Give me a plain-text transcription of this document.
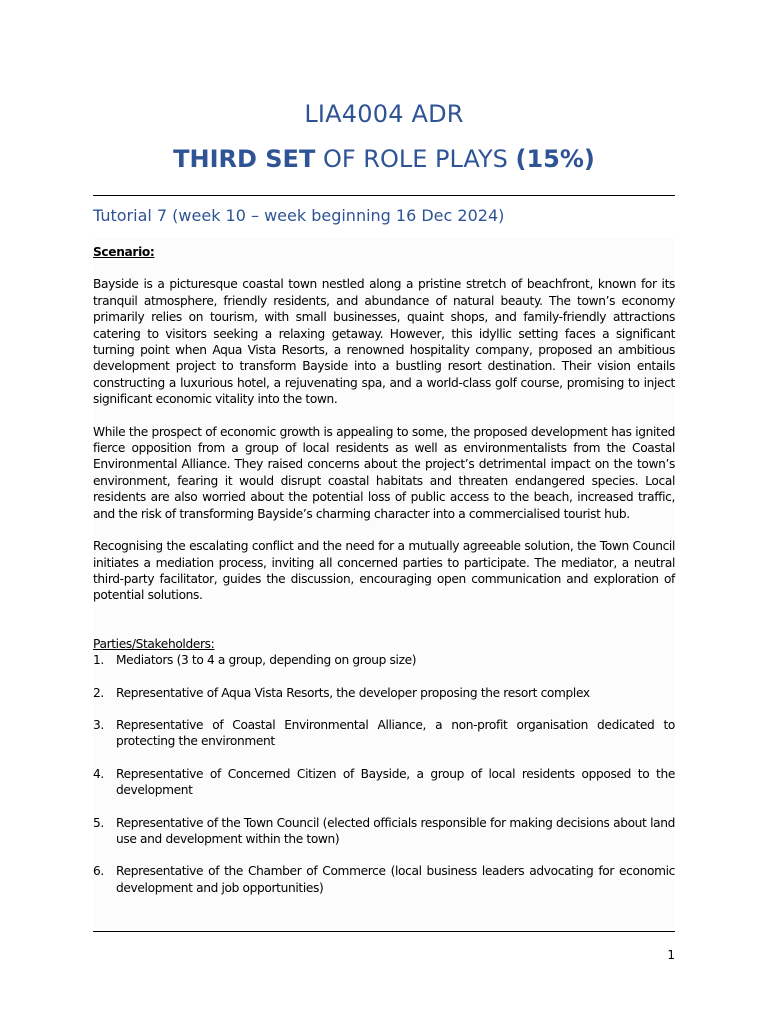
LIA4004 ADR
THIRD SET OF ROLE PLAYS (15%)
Tutorial 7 (week 10 – week beginning 16 Dec 2024)
Scenario:

Bayside is a picturesque coastal town nestled along a pristine stretch of beachfront, known for its tranquil atmosphere, friendly residents, and abundance of natural beauty. The town’s economy primarily relies on tourism, with small businesses, quaint shops, and family-friendly attractions catering to visitors seeking a relaxing getaway. However, this idyllic setting faces a significant turning point when Aqua Vista Resorts, a renowned hospitality company, proposed an ambitious development project to transform Bayside into a bustling resort destination. Their vision entails constructing a luxurious hotel, a rejuvenating spa, and a world-class golf course, promising to inject significant economic vitality into the town.

While the prospect of economic growth is appealing to some, the proposed development has ignited fierce opposition from a group of local residents as well as environmentalists from the Coastal Environmental Alliance. They raised concerns about the project’s detrimental impact on the town’s environment, fearing it would disrupt coastal habitats and threaten endangered species. Local residents are also worried about the potential loss of public access to the beach, increased traffic, and the risk of transforming Bayside’s charming character into a commercialised tourist hub.

Recognising the escalating conflict and the need for a mutually agreeable solution, the Town Council initiates a mediation process, inviting all concerned parties to participate. The mediator, a neutral third-party facilitator, guides the discussion, encouraging open communication and exploration of potential solutions.

Parties/Stakeholders:
1. Mediators (3 to 4 a group, depending on group size)
2. Representative of Aqua Vista Resorts, the developer proposing the resort complex
3. Representative of Coastal Environmental Alliance, a non-profit organisation dedicated to protecting the environment
4. Representative of Concerned Citizen of Bayside, a group of local residents opposed to the development
5. Representative of the Town Council (elected officials responsible for making decisions about land use and development within the town)
6. Representative of the Chamber of Commerce (local business leaders advocating for economic development and job opportunities)
1
